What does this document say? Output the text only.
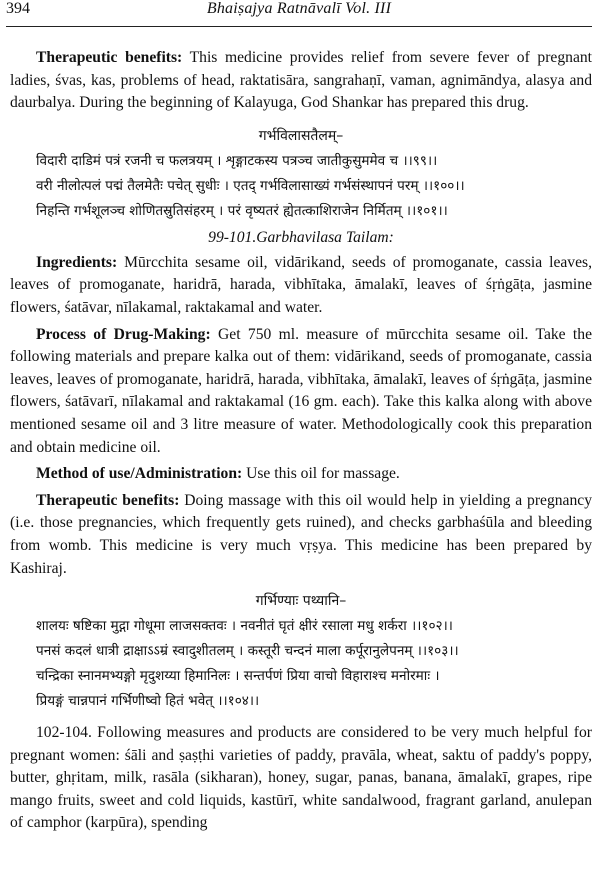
394	Bhaiṣajya Ratnāvalī Vol. III

Therapeutic benefits: This medicine provides relief from severe fever of pregnant ladies, śvas, kas, problems of head, raktatisāra, sangrahaṇī, vaman, agnimāndya, alasya and daurbalya. During the beginning of Kalayuga, God Shankar has prepared this drug.

गर्भविलासतैलम्–
विदारी दाडिमं पत्रं रजनी च फलत्रयम् । शृङ्गाटकस्य पत्रञ्च जातीकुसुममेव च ।।९९।।
वरी नीलोत्पलं पद्मं तैलमेतैः पचेत् सुधीः । एतद् गर्भविलासाख्यं गर्भसंस्थापनं परम् ।।१००।।
निहन्ति गर्भशूलञ्च शोणितस्रुतिसंहरम् । परं वृष्यतरं ह्येतत्काशिराजेन निर्मितम् ।।१०१।।
99-101.Garbhavilasa Tailam:

Ingredients: Mūrcchita sesame oil, vidārikand, seeds of promoganate, cassia leaves, leaves of promoganate, haridrā, harada, vibhītaka, āmalakī, leaves of śṛṅgāṭa, jasmine flowers, śatāvar, nīlakamal, raktakamal and water.

Process of Drug-Making: Get 750 ml. measure of mūrcchita sesame oil. Take the following materials and prepare kalka out of them: vidārikand, seeds of promoganate, cassia leaves, leaves of promoganate, haridrā, harada, vibhītaka, āmalakī, leaves of śṛṅgāṭa, jasmine flowers, śatāvarī, nīlakamal and raktakamal (16 gm. each). Take this kalka along with above mentioned sesame oil and 3 litre measure of water. Methodologically cook this preparation and obtain medicine oil.

Method of use/Administration: Use this oil for massage.

Therapeutic benefits: Doing massage with this oil would help in yielding a pregnancy (i.e. those pregnancies, which frequently gets ruined), and checks garbhaśūla and bleeding from womb. This medicine is very much vṛṣya. This medicine has been prepared by Kashiraj.

गर्भिण्याः पथ्यानि–
शालयः षष्टिका मुद्गा गोधूमा लाजसक्तवः । नवनीतं घृतं क्षीरं रसाला मधु शर्करा ।।१०२।।
पनसं कदलं धात्री द्राक्षाऽऽम्रं स्वादुशीतलम् । कस्तूरी चन्दनं माला कर्पूरानुलेपनम् ।।१०३।।
चन्द्रिका स्नानमभ्यङ्गो मृदुशय्या हिमानिलः । सन्तर्पणं प्रिया वाचो विहाराश्च मनोरमाः ।
प्रियङ्गं चान्नपानं गर्भिणीष्वो हितं भवेत् ।।१०४।।

102-104. Following measures and products are considered to be very much helpful for pregnant women: śāli and ṣaṣṭhi varieties of paddy, pravāla, wheat, saktu of paddy's poppy, butter, ghṛitam, milk, rasāla (sikharan), honey, sugar, panas, banana, āmalakī, grapes, ripe mango fruits, sweet and cold liquids, kastūrī, white sandalwood, fragrant garland, anulepan of camphor (karpūra), spending
